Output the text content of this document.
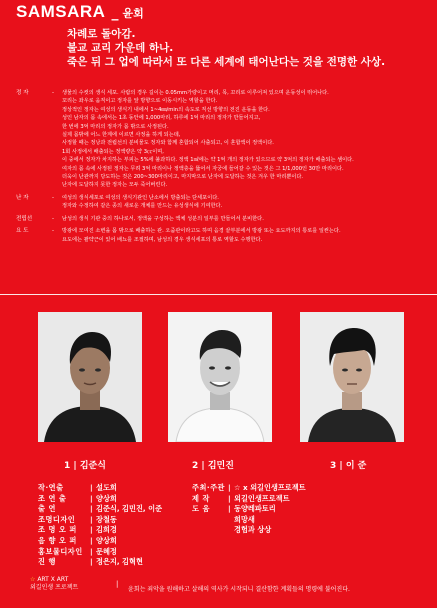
SAMSARA _ 윤회

차례로 돌아감.

불교 교리 가운데 하나.

죽은 뒤 그 업에 따라서 또 다른 세계에 태어난다는 것을 전명한 사상.

정 자	-	생물의 수컷의 생식 세포. 사람의 경우 길이는 0.05mm가량이고 머리, 목, 꼬리로 이루어져 있으며 운동성이 뛰어나다.

꼬리는 좌우로 움직이고 정자를 앞 방향으로 이동시키는 역할을 한다.

정상적인 정자는 여성의 생식기 내에서 1~4㎜/min의 속도로 직선 방향의 전진 운동을 한다.

성인 남자의 몸 속에서는 1초 동안에 1,000마리, 하루에 1억 마리의 정자가 만들어지고,

한 번에 3억 마리의 정자가 몸 밖으로 사정된다.

실제 몸밖에 어느 한계에 이르면 사정을 하게 되는데,

사정할 때는 정낭과 전립선의 분비물도 정자와 함께 혼합되어 사출되고, 이 혼합액이 정액이다.

1회 사정에서 배출되는 정액량은 약 3㏄이며,

이 중에서 정자가 차지하는 부피는 5%에 불과하다. 정액 1㎖에는 약 1억 개의 정자가 있으므로 약 3억의 정자가 배출되는 셈이다.

여자의 몸 속에 사정된 정자는 무려 3억 마리이나 정액층을 뚫어서 자궁에 들어갈 수 있는 것은 그 1/1,000인 30만 마리이다.

더욱이 난관까지 당도하는 것은 200~300마리이고, 마지막으로 난자에 도달하는 것은 겨우 한 마리뿐이다.

난자에 도달하지 못한 정자는 모두 죽어버린다.

난 자	-	여성의 생식세포로 여성의 생식기관인 난소에서 방출되는 단세포이다.

정자와 수정하여 같은 종의 새로운 개체를 만드는 유성생식에 기여한다.

전립선	-	남성의 생식 기관 중의 하나로서, 정액을 구성하는 액체 성분의 일부를 만들어서 분비한다.

요 도	-	방광에 모여진 소변을 몸 밖으로 배출하는 관. 오줌관이라고도 하며 음경 끝부분에서 방광 또는 요도까지의 통로를 일컫는다.

요도에는 괄약근이 있어 배뇨를 조절하며, 남성의 경우 생식세포의 통로 역할도 수행한다.

1 | 김준식	2 | 김민진	3 | 이 준
작·연출	| 설도희
조 연 출	| 양상희
출 연	| 김준식, 김민진, 이준
조명디자인	| 장철동
조 명 오 퍼	| 김희경
음 향 오 퍼	| 양상희
홍보물디자인	| 문혜정
진 행	| 정은지, 김혁현
주최·주관 | ☆ x 외길인생프로젝트
제 작	| 외길인생프로젝트
도 움	| 동양레파토리
희망새
경험과 상상
☆ ART X ART
외길인생 프로젝트	|
윤회는 죄악을 원해하고 살해의 역사가 시작되니 결산함한 계획들의 명령에 불어진다.
